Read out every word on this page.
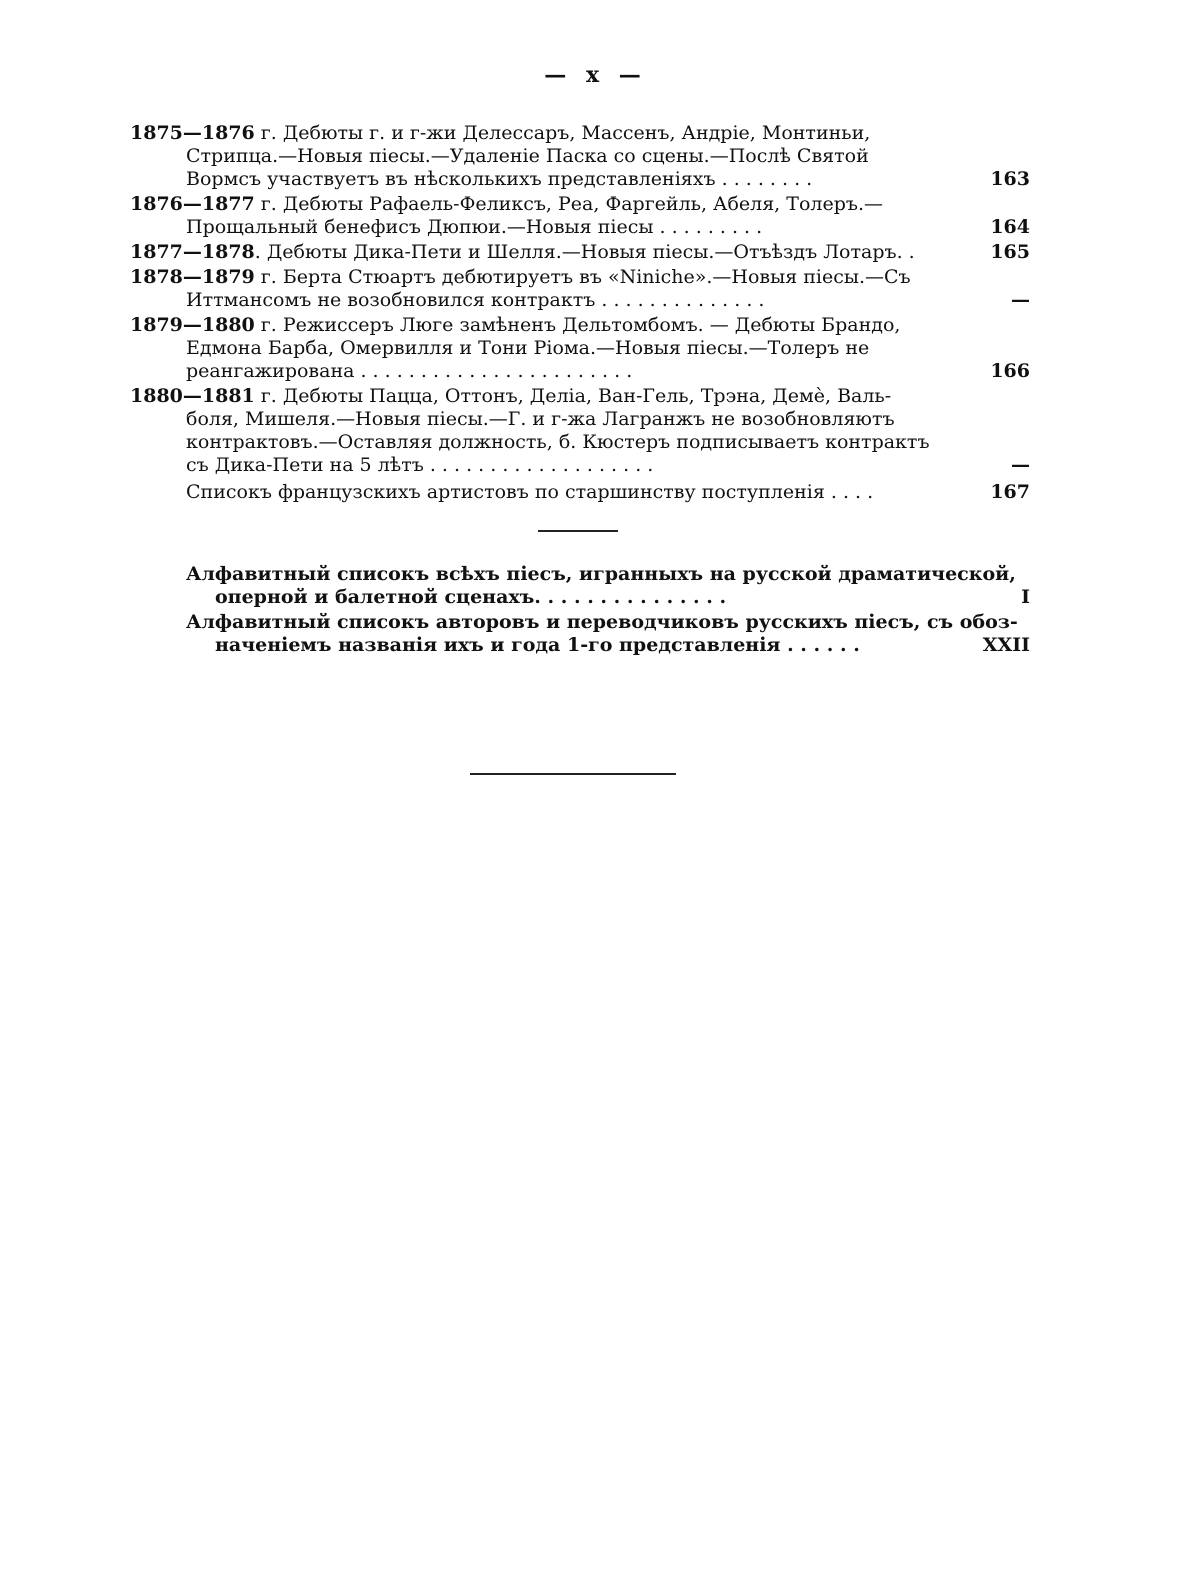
— x —
1875—1876 г. Дебюты г. и г-жи Делессаръ, Массенъ, Андріе, Монтиньи,
Стрипца.—Новыя піесы.—Удаленіе Паска со сцены.—Послѣ Святой
Вормсъ участвуетъ въ нѣсколькихъ представленіяхъ . . . . . . . .	163
1876—1877 г. Дебюты Рафаель-Феликсъ, Реа, Фаргейль, Абеля, Толеръ.—
Прощальный бенефисъ Дюпюи.—Новыя піесы . . . . . . . . .	164
1877—1878. Дебюты Дика-Пети и Шелля.—Новыя піесы.—Отъѣздъ Лотаръ. .	165
1878—1879 г. Берта Стюартъ дебютируетъ въ «Niniche».—Новыя піесы.—Съ
Иттмансомъ не возобновился контрактъ . . . . . . . . . . . . . .	—
1879—1880 г. Режиссеръ Люге замѣненъ Дельтомбомъ. — Дебюты Брандо,
Едмона Барба, Омервилля и Тони Ріома.—Новыя піесы.—Толеръ не
реангажирована . . . . . . . . . . . . . . . . . . . . . . .	166
1880—1881 г. Дебюты Пацца, Оттонъ, Деліа, Ван-Гель, Трэна, Демѐ, Валь-
боля, Мишеля.—Новыя піесы.—Г. и г-жа Лагранжъ не возобновляютъ
контрактовъ.—Оставляя должность, б. Кюстеръ подписываетъ контрактъ
съ Дика-Пети на 5 лѣтъ . . . . . . . . . . . . . . . . . . .	—
Списокъ французскихъ артистовъ по старшинству поступленія . . . .	167
Алфавитный списокъ всѣхъ піесъ, игранныхъ на русской драматической,
оперной и балетной сценахъ. . . . . . . . . . . . . . .	I
Алфавитный списокъ авторовъ и переводчиковъ русскихъ піесъ, съ обоз-
наченіемъ названія ихъ и года 1-го представленія . . . . . .	XXII
